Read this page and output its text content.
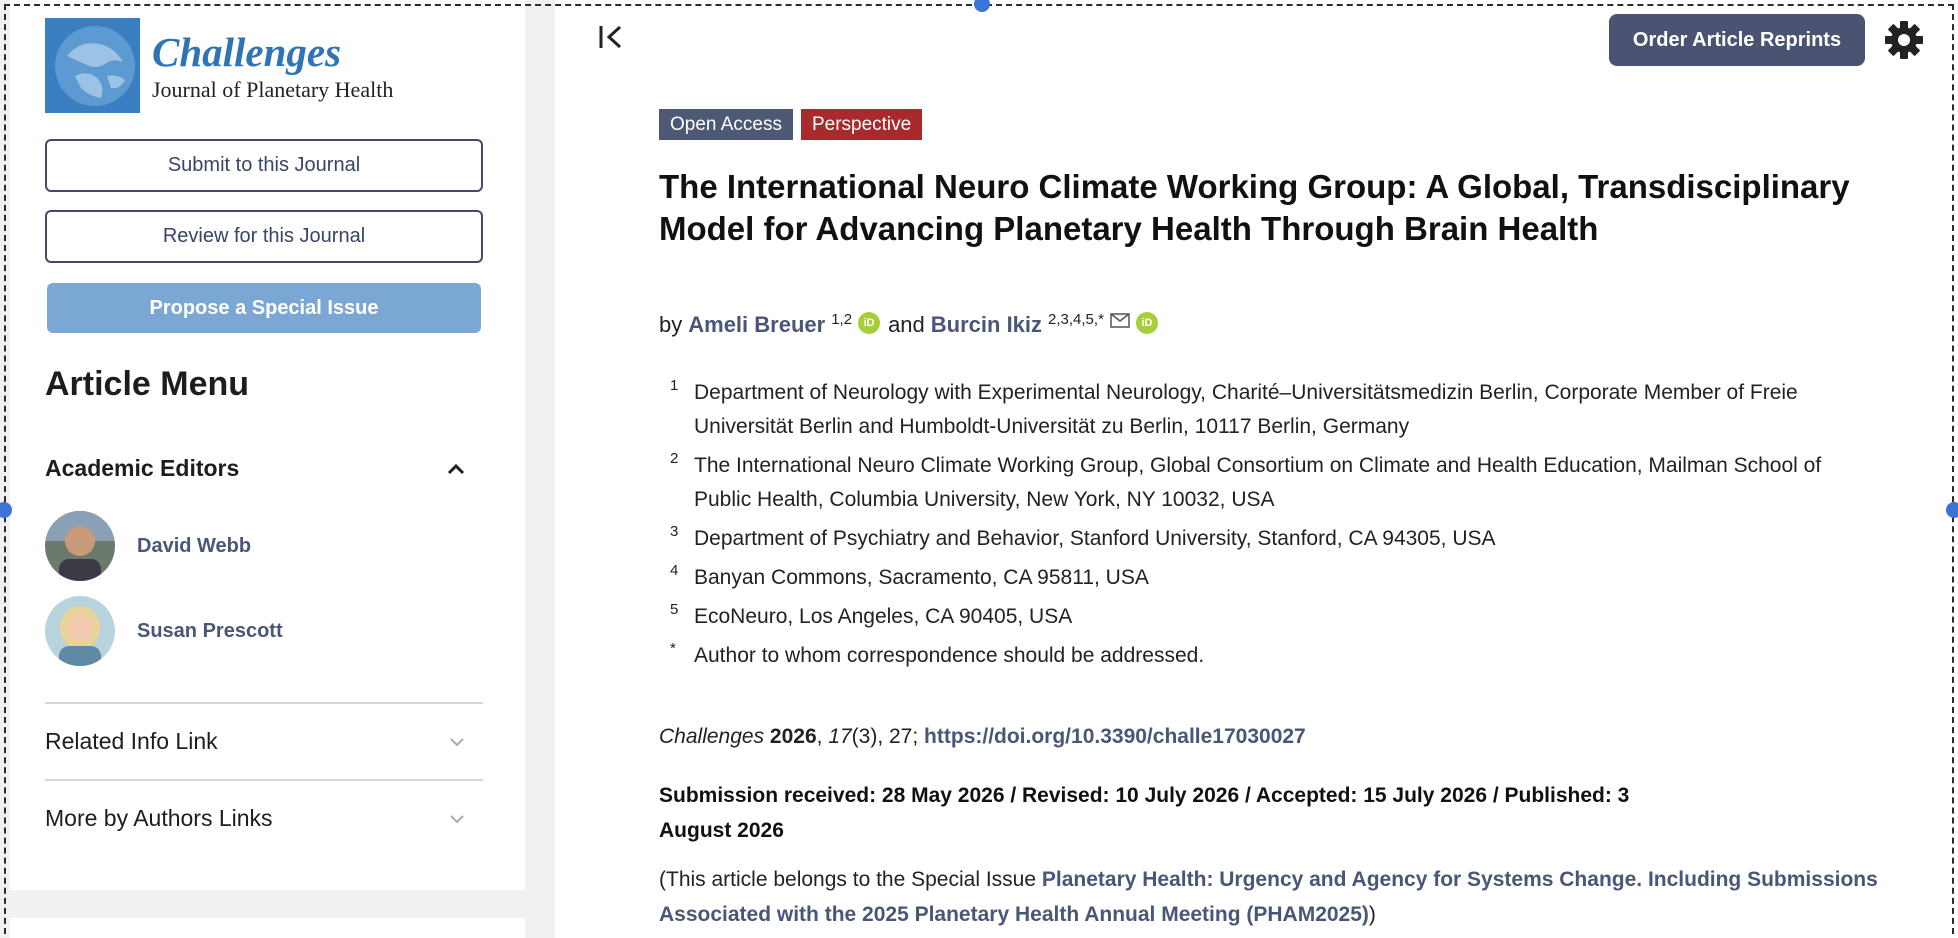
Challenges
Journal of Planetary Health
Submit to this Journal
Review for this Journal
Propose a Special Issue
Article Menu
Academic Editors
David Webb
Susan Prescott
Related Info Link
More by Authors Links
Order Article Reprints
Open Access	Perspective
The International Neuro Climate Working Group: A Global, Transdisciplinary Model for Advancing Planetary Health Through Brain Health
by Ameli Breuer 1,2	iD and Burcin Ikiz 2,3,4,5,*	iD
1 Department of Neurology with Experimental Neurology, Charité–Universitätsmedizin Berlin, Corporate Member of Freie Universität Berlin and Humboldt-Universität zu Berlin, 10117 Berlin, Germany
2 The International Neuro Climate Working Group, Global Consortium on Climate and Health Education, Mailman School of Public Health, Columbia University, New York, NY 10032, USA
3 Department of Psychiatry and Behavior, Stanford University, Stanford, CA 94305, USA
4 Banyan Commons, Sacramento, CA 95811, USA
5 EcoNeuro, Los Angeles, CA 90405, USA
* Author to whom correspondence should be addressed.
Challenges 2026, 17(3), 27; https://doi.org/10.3390/challe17030027
Submission received: 28 May 2026 / Revised: 10 July 2026 / Accepted: 15 July 2026 / Published: 3 August 2026
(This article belongs to the Special Issue Planetary Health: Urgency and Agency for Systems Change. Including Submissions Associated with the 2025 Planetary Health Annual Meeting (PHAM2025))
